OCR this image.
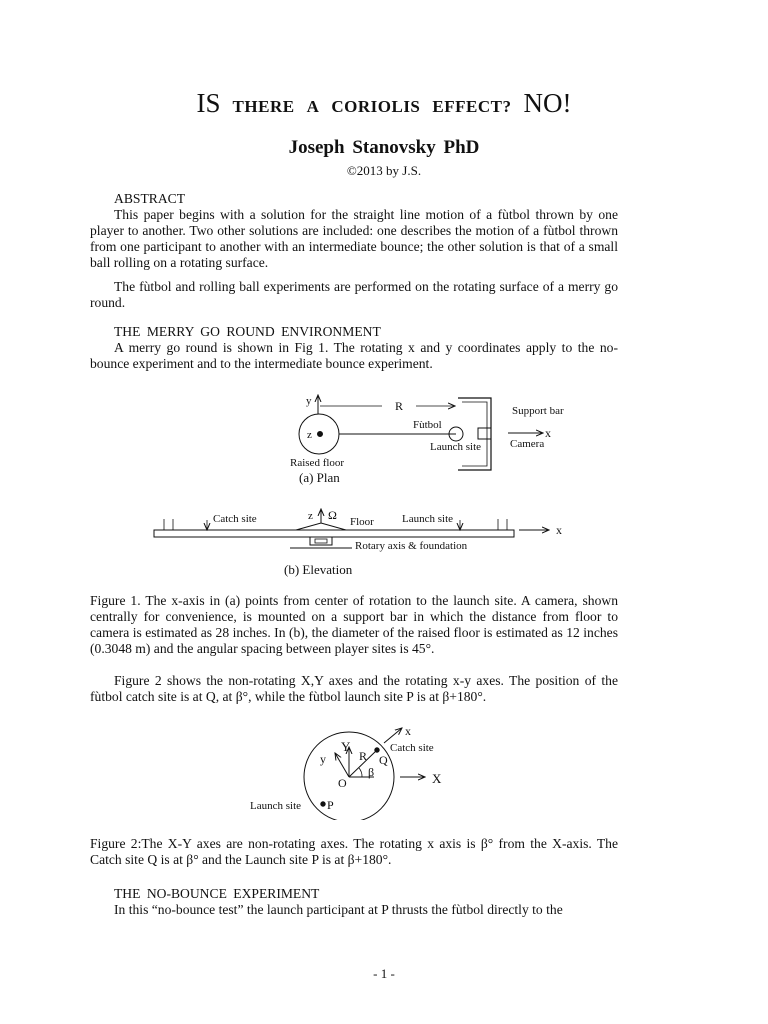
IS THERE A CORIOLIS EFFECT? NO!
Joseph Stanovsky PhD
©2013 by J.S.

ABSTRACT

This paper begins with a solution for the straight line motion of a fùtbol thrown by one player to another. Two other solutions are included: one describes the motion of a fùtbol thrown from one participant to another with an intermediate bounce; the other solution is that of a small ball rolling on a rotating surface.

The fùtbol and rolling ball experiments are performed on the rotating surface of a merry go round.

THE MERRY GO ROUND ENVIRONMENT

A merry go round is shown in Fig 1. The rotating x and y coordinates apply to the no-bounce experiment and to the intermediate bounce experiment.

y
z
R	Support bar
Fùtbol
x
Camera
Launch site
Raised floor
(a) Plan
Catch site	Launch site
z Ω Floor
x
Rotary axis & foundation
(b) Elevation

Figure 1. The x-axis in (a) points from center of rotation to the launch site. A camera, shown centrally for convenience, is mounted on a support bar in which the distance from floor to camera is estimated as 28 inches. In (b), the diameter of the raised floor is estimated as 12 inches (0.3048 m) and the angular spacing between player sites is 45°.

Figure 2 shows the non-rotating X,Y axes and the rotating x-y axes. The position of the fùtbol catch site is at Q, at β°, while the fùtbol launch site P is at β+180°.

Y
y	R Q
β	X
O
x
Catch site
Launch site P

Figure 2:The X-Y axes are non-rotating axes. The rotating x axis is β° from the X-axis. The Catch site Q is at β° and the Launch site P is at β+180°.

THE NO-BOUNCE EXPERIMENT

In this “no-bounce test” the launch participant at P thrusts the fùtbol directly to the

- 1 -
